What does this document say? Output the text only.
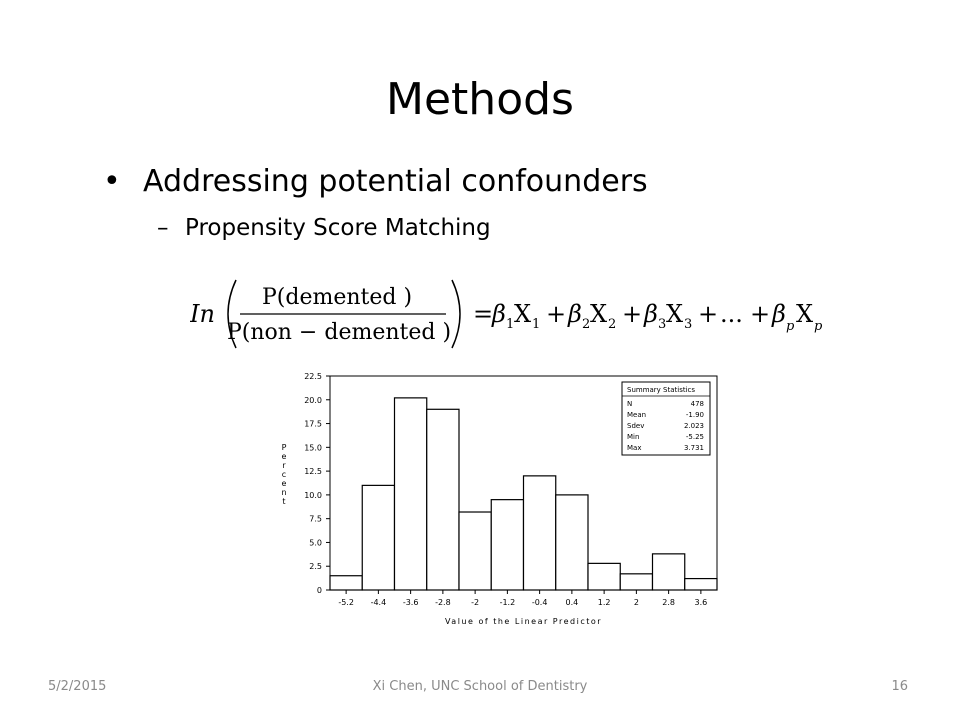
Methods
• Addressing potential confounders
– Propensity Score Matching
In
P(demented )
P(non − demented )
=
β 1 X 1 + β 2 X 2 + β 3 X 3 + ... + β p X p
0
2.5
5.0
7.5
10.0
12.5
15.0
17.5
20.0
22.5
-5.2 -4.4 -3.6 -2.8	-2	-1.2 -0.4 0.4 1.2	2	2.8 3.6
Value of the Linear Predictor
P
e
r
c
e
n
t
Summary Statistics
N	478
Mean	-1.90
Sdev	2.023
Min	-5.25
Max	3.731
5/2/2015	Xi Chen, UNC School of Dentistry	16
